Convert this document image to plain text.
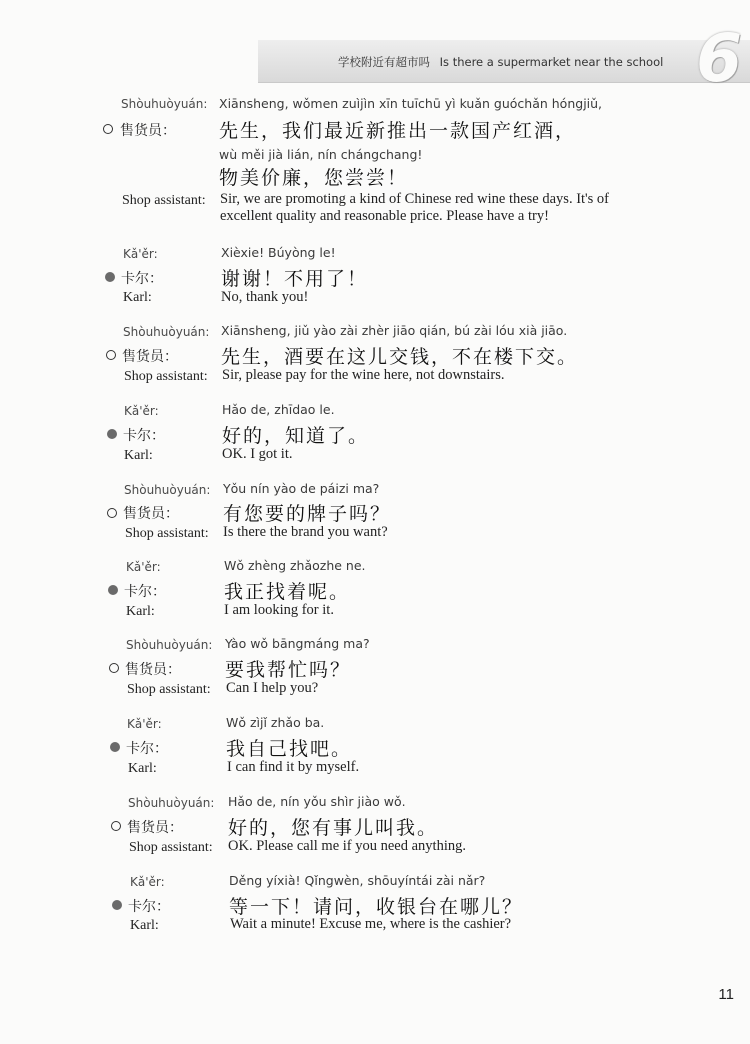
学校附近有超市吗 Is there a supermarket near the school 6
Shòuhuòyuán: Xiānsheng, wǒmen zuìjìn xīn tuīchū yì kuǎn guóchǎn hóngjiǔ,
售货员： 先生，我们最近新推出一款国产红酒，
wù měi jià lián, nín chángchang!
物美价廉，您尝尝！
Shop assistant: Sir, we are promoting a kind of Chinese red wine these days. It's of
excellent quality and reasonable price. Please have a try!
Kǎ'ěr:	Xièxie! Búyòng le!
卡尔：	谢谢！不用了！
Karl:	No, thank you!
Shòuhuòyuán: Xiānsheng, jiǔ yào zài zhèr jiāo qián, bú zài lóu xià jiāo.
售货员： 先生，酒要在这儿交钱，不在楼下交。
Shop assistant: Sir, please pay for the wine here, not downstairs.
Kǎ'ěr:	Hǎo de, zhīdao le.
卡尔：	好的，知道了。
Karl:	OK. I got it.
Shòuhuòyuán: Yǒu nín yào de páizi ma?
售货员： 有您要的牌子吗？
Shop assistant: Is there the brand you want?
Kǎ'ěr:	Wǒ zhèng zhǎozhe ne.
卡尔：	我正找着呢。
Karl:	I am looking for it.
Shòuhuòyuán: Yào wǒ bāngmáng ma?
售货员： 要我帮忙吗？
Shop assistant: Can I help you?
Kǎ'ěr:	Wǒ zìjǐ zhǎo ba.
卡尔：	我自己找吧。
Karl:	I can find it by myself.
Shòuhuòyuán: Hǎo de, nín yǒu shìr jiào wǒ.
售货员： 好的，您有事儿叫我。
Shop assistant: OK. Please call me if you need anything.
Kǎ'ěr:	Děng yíxià! Qǐngwèn, shōuyíntái zài nǎr?
卡尔：	等一下！请问，收银台在哪儿？
Karl:	Wait a minute! Excuse me, where is the cashier?
11
